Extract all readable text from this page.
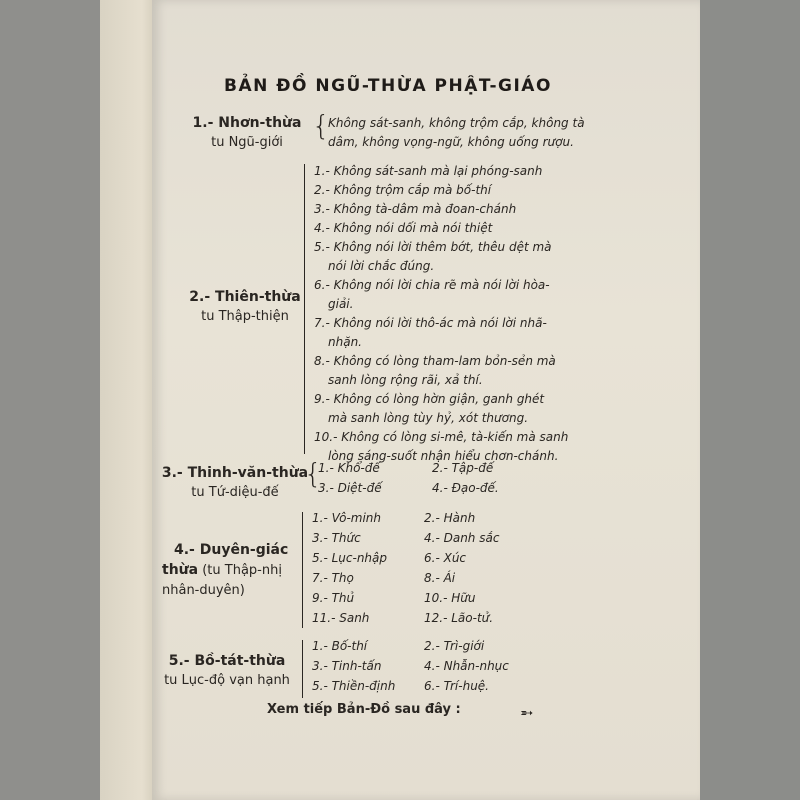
BẢN ĐỒ NGŨ-THỪA PHẬT-GIÁO
1.- Nhơn-thừa
tu Ngũ-giới
{
Không sát-sanh, không trộm cắp, không tà
dâm, không vọng-ngữ, không uống rượu.
2.- Thiên-thừa
tu Thập-thiện
1.- Không sát-sanh mà lại phóng-sanh
2.- Không trộm cắp mà bố-thí
3.- Không tà-dâm mà đoan-chánh
4.- Không nói dối mà nói thiệt
5.- Không nói lời thêm bớt, thêu dệt mà
nói lời chắc đúng.
6.- Không nói lời chia rẽ mà nói lời hòa-
giải.
7.- Không nói lời thô-ác mà nói lời nhã-
nhặn.
8.- Không có lòng tham-lam bỏn-sẻn mà
sanh lòng rộng rãi, xả thí.
9.- Không có lòng hờn giận, ganh ghét
mà sanh lòng tùy hỷ, xót thương.
10.- Không có lòng si-mê, tà-kiến mà sanh
lòng sáng-suốt nhận hiểu chơn-chánh.
3.- Thinh-văn-thừa
tu Tứ-diệu-đế
{
1.- Khổ-đế
3.- Diệt-đế
2.- Tập-đế
4.- Đạo-đế.
4.- Duyên-giác
thừa (tu Thập-nhị
nhân-duyên)
1.- Vô-minh
3.- Thức
5.- Lục-nhập
7.- Thọ
9.- Thủ
11.- Sanh
2.- Hành
4.- Danh sắc
6.- Xúc
8.- Ái
10.- Hữu
12.- Lão-tử.
5.- Bồ-tát-thừa
tu Lục-độ vạn hạnh
1.- Bố-thí
3.- Tinh-tấn
5.- Thiền-định
2.- Trì-giới
4.- Nhẫn-nhục
6.- Trí-huệ.
Xem tiếp Bản-Đồ sau đây :	➵
